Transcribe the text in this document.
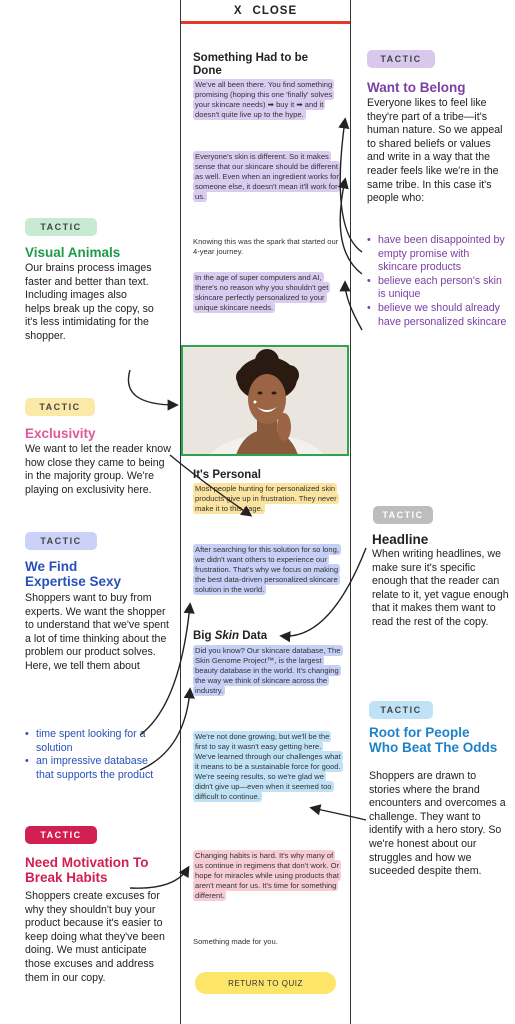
X CLOSE
Something Had to be Done
We've all been there. You find something promising (hoping this one 'finally' solves your skincare needs) ➡ buy it ➡ and it doesn't quite live up to the hype.
Everyone's skin is different. So it makes sense that our skincare should be different as well. Even when an ingredient works for someone else, it doesn't mean it'll work for us.
Knowing this was the spark that started our 4-year journey.
In the age of super computers and AI, there's no reason why you shouldn't get skincare perfectly personalized to your unique skincare needs.
It's Personal
Most people hunting for personalized skin products give up in frustration. They never make it to this page.
After searching for this solution for so long, we didn't want others to experience our frustration. That's why we focus on making the best data-driven personalized skincare solution in the world.
Big Skin Data
Did you know? Our skincare database, The Skin Genome Project™, is the largest beauty database in the world. It's changing the way we think of skincare across the industry.
We're not done growing, but we'll be the first to say it wasn't easy getting here. We've learned through our challenges what it means to be a sustainable force for good. We're seeing results, so we're glad we didn't give up—even when it seemed too difficult to continue.
Changing habits is hard. It's why many of us continue in regimens that don't work. Or hope for miracles while using products that aren't meant for us. It's time for something different.
Something made for you.
RETURN TO QUIZ
TACTIC
Want to Belong
Everyone likes to feel like they're part of a tribe—it's human nature. So we appeal to shared beliefs or values and write in a way that the reader feels like we're in the same tribe. In this case it's people who:
• have been disappointed by empty promise with skincare products
• believe each person's skin is unique
• believe we should already have personalized skincare
TACTIC
Headline
When writing headlines, we make sure it's specific enough that the reader can relate to it, yet vague enough that it makes them want to read the rest of the copy.
TACTIC
Root for People Who Beat The Odds
Shoppers are drawn to stories where the brand encounters and overcomes a challenge. They want to identify with a hero story. So we're honest about our struggles and how we suceeded despite them.
TACTIC
Visual Animals
Our brains process images faster and better than text. Including images also helps break up the copy, so it's less intimidating for the shopper.
TACTIC
Exclusivity
We want to let the reader know how close they came to being in the majority group. We're playing on exclusivity here.
TACTIC
We Find Expertise Sexy
Shoppers want to buy from experts. We want the shopper to understand that we've spent a lot of time thinking about the problem our product solves. Here, we tell them about
• time spent looking for a solution
• an impressive database that supports the product
TACTIC
Need Motivation To Break Habits
Shoppers create excuses for why they shouldn't buy your product because it's easier to keep doing what they've been doing. We must anticipate those excuses and address them in our copy.
